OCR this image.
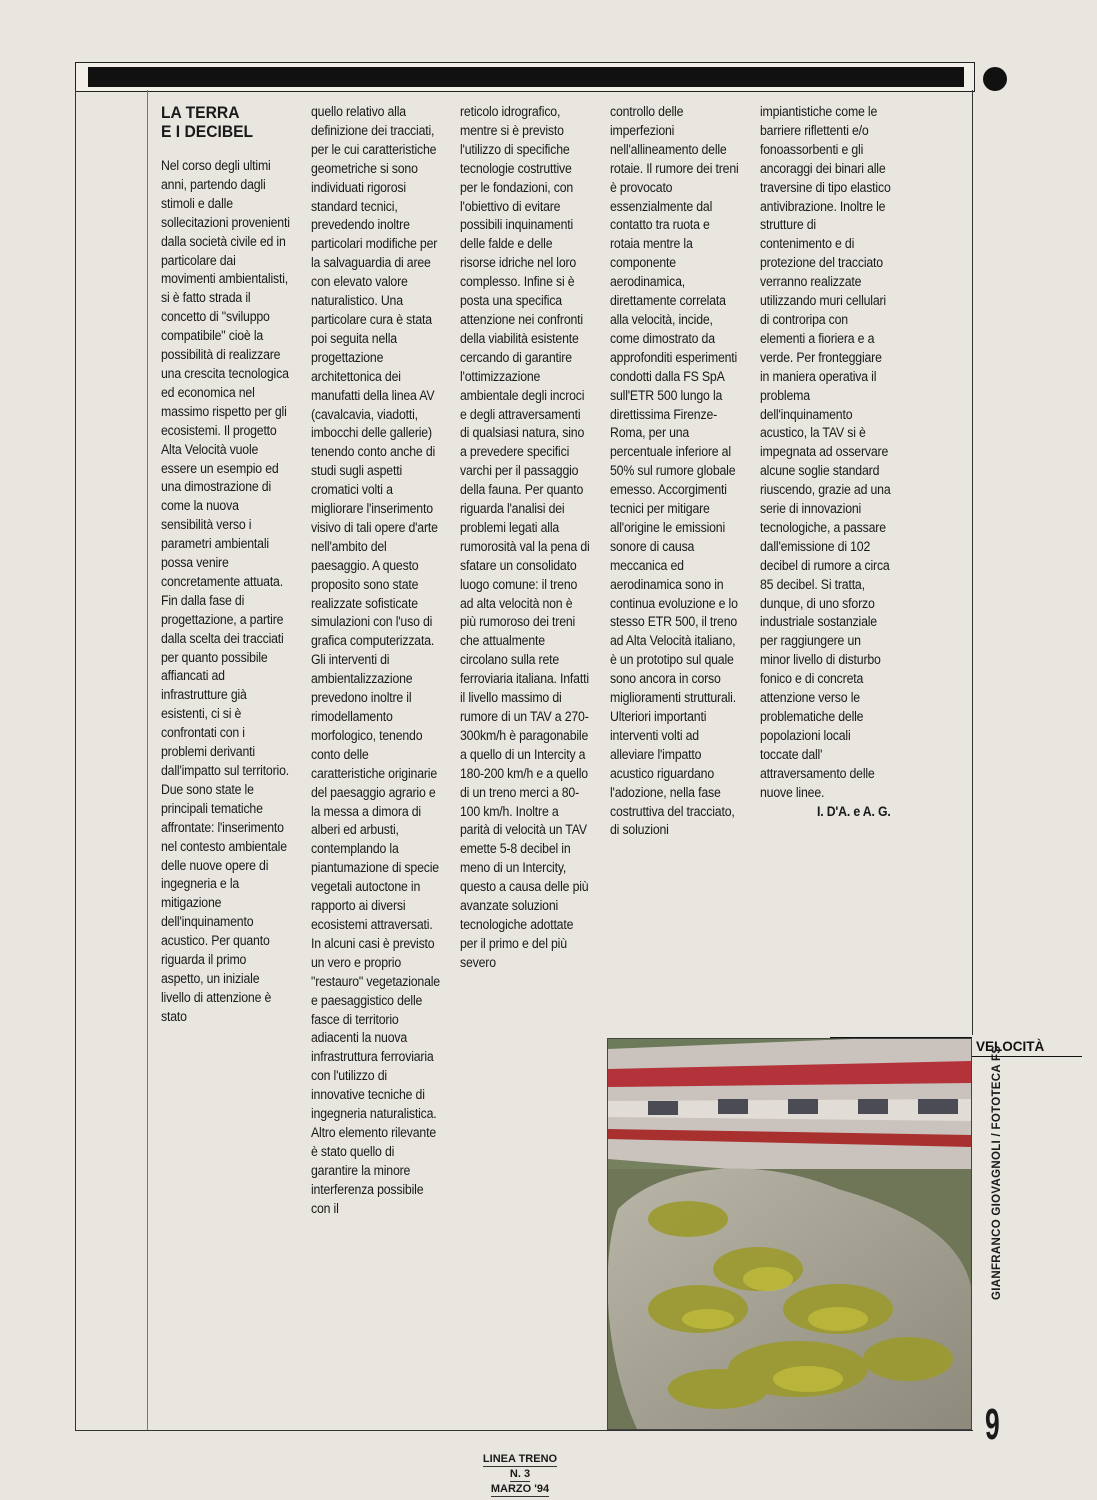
LA TERRA
E I DECIBEL

Nel corso degli ultimi anni, partendo dagli stimoli e dalle sollecitazioni provenienti dalla società civile ed in particolare dai movimenti ambientalisti, si è fatto strada il concetto di "sviluppo compatibile" cioè la possibilità di realizzare una crescita tecnologica ed economica nel massimo rispetto per gli ecosistemi. Il progetto Alta Velocità vuole essere un esempio ed una dimostrazione di come la nuova sensibilità verso i parametri ambientali possa venire concretamente attuata. Fin dalla fase di progettazione, a partire dalla scelta dei tracciati per quanto possibile affiancati ad infrastrutture già esistenti, ci si è confrontati con i problemi derivanti dall'impatto sul territorio. Due sono state le principali tematiche affrontate: l'inserimento nel contesto ambientale delle nuove opere di ingegneria e la mitigazione dell'inquinamento acustico. Per quanto riguarda il primo aspetto, un iniziale livello di attenzione è stato

quello relativo alla definizione dei tracciati, per le cui caratteristiche geometriche si sono individuati rigorosi standard tecnici, prevedendo inoltre particolari modifiche per la salvaguardia di aree con elevato valore naturalistico. Una particolare cura è stata poi seguita nella progettazione architettonica dei manufatti della linea AV (cavalcavia, viadotti, imbocchi delle gallerie) tenendo conto anche di studi sugli aspetti cromatici volti a migliorare l'inserimento visivo di tali opere d'arte nell'ambito del paesaggio. A questo proposito sono state realizzate sofisticate simulazioni con l'uso di grafica computerizzata. Gli interventi di ambientalizzazione prevedono inoltre il rimodellamento morfologico, tenendo conto delle caratteristiche originarie del paesaggio agrario e la messa a dimora di alberi ed arbusti, contemplando la piantumazione di specie vegetali autoctone in rapporto ai diversi ecosistemi attraversati. In alcuni casi è previsto un vero e proprio "restauro" vegetazionale e paesaggistico delle fasce di territorio adiacenti la nuova infrastruttura ferroviaria con l'utilizzo di innovative tecniche di ingegneria naturalistica. Altro elemento rilevante è stato quello di garantire la minore interferenza possibile con il

reticolo idrografico, mentre si è previsto l'utilizzo di specifiche tecnologie costruttive per le fondazioni, con l'obiettivo di evitare possibili inquinamenti delle falde e delle risorse idriche nel loro complesso. Infine si è posta una specifica attenzione nei confronti della viabilità esistente cercando di garantire l'ottimizzazione ambientale degli incroci e degli attraversamenti di qualsiasi natura, sino a prevedere specifici varchi per il passaggio della fauna. Per quanto riguarda l'analisi dei problemi legati alla rumorosità val la pena di sfatare un consolidato luogo comune: il treno ad alta velocità non è più rumoroso dei treni che attualmente circolano sulla rete ferroviaria italiana. Infatti il livello massimo di rumore di un TAV a 270-300km/h è paragonabile a quello di un Intercity a 180-200 km/h e a quello di un treno merci a 80-100 km/h. Inoltre a parità di velocità un TAV emette 5-8 decibel in meno di un Intercity, questo a causa delle più avanzate soluzioni tecnologiche adottate per il primo e del più severo

controllo delle imperfezioni nell'allineamento delle rotaie. Il rumore dei treni è provocato essenzialmente dal contatto tra ruota e rotaia mentre la componente aerodinamica, direttamente correlata alla velocità, incide, come dimostrato da approfonditi esperimenti condotti dalla FS SpA sull'ETR 500 lungo la direttissima Firenze-Roma, per una percentuale inferiore al 50% sul rumore globale emesso. Accorgimenti tecnici per mitigare all'origine le emissioni sonore di causa meccanica ed aerodinamica sono in continua evoluzione e lo stesso ETR 500, il treno ad Alta Velocità italiano, è un prototipo sul quale sono ancora in corso miglioramenti strutturali. Ulteriori importanti interventi volti ad alleviare l'impatto acustico riguardano l'adozione, nella fase costruttiva del tracciato, di soluzioni

impiantistiche come le barriere riflettenti e/o fonoassorbenti e gli ancoraggi dei binari alle traversine di tipo elastico antivibrazione. Inoltre le strutture di contenimento e di protezione del tracciato verranno realizzate utilizzando muri cellulari di controripa con elementi a fioriera e a verde. Per fronteggiare in maniera operativa il problema dell'inquinamento acustico, la TAV si è impegnata ad osservare alcune soglie standard riuscendo, grazie ad una serie di innovazioni tecnologiche, a passare dall'emissione di 102 decibel di rumore a circa 85 decibel. Si tratta, dunque, di uno sforzo industriale sostanziale per raggiungere un minor livello di disturbo fonico e di concreta attenzione verso le problematiche delle popolazioni locali toccate dall' attraversamento delle nuove linee.

I. D'A. e A. G.

VELOCITÀ
GIANFRANCO GIOVAGNOLI / FOTOTECA FS
9
LINEA TRENO
N. 3
MARZO '94
